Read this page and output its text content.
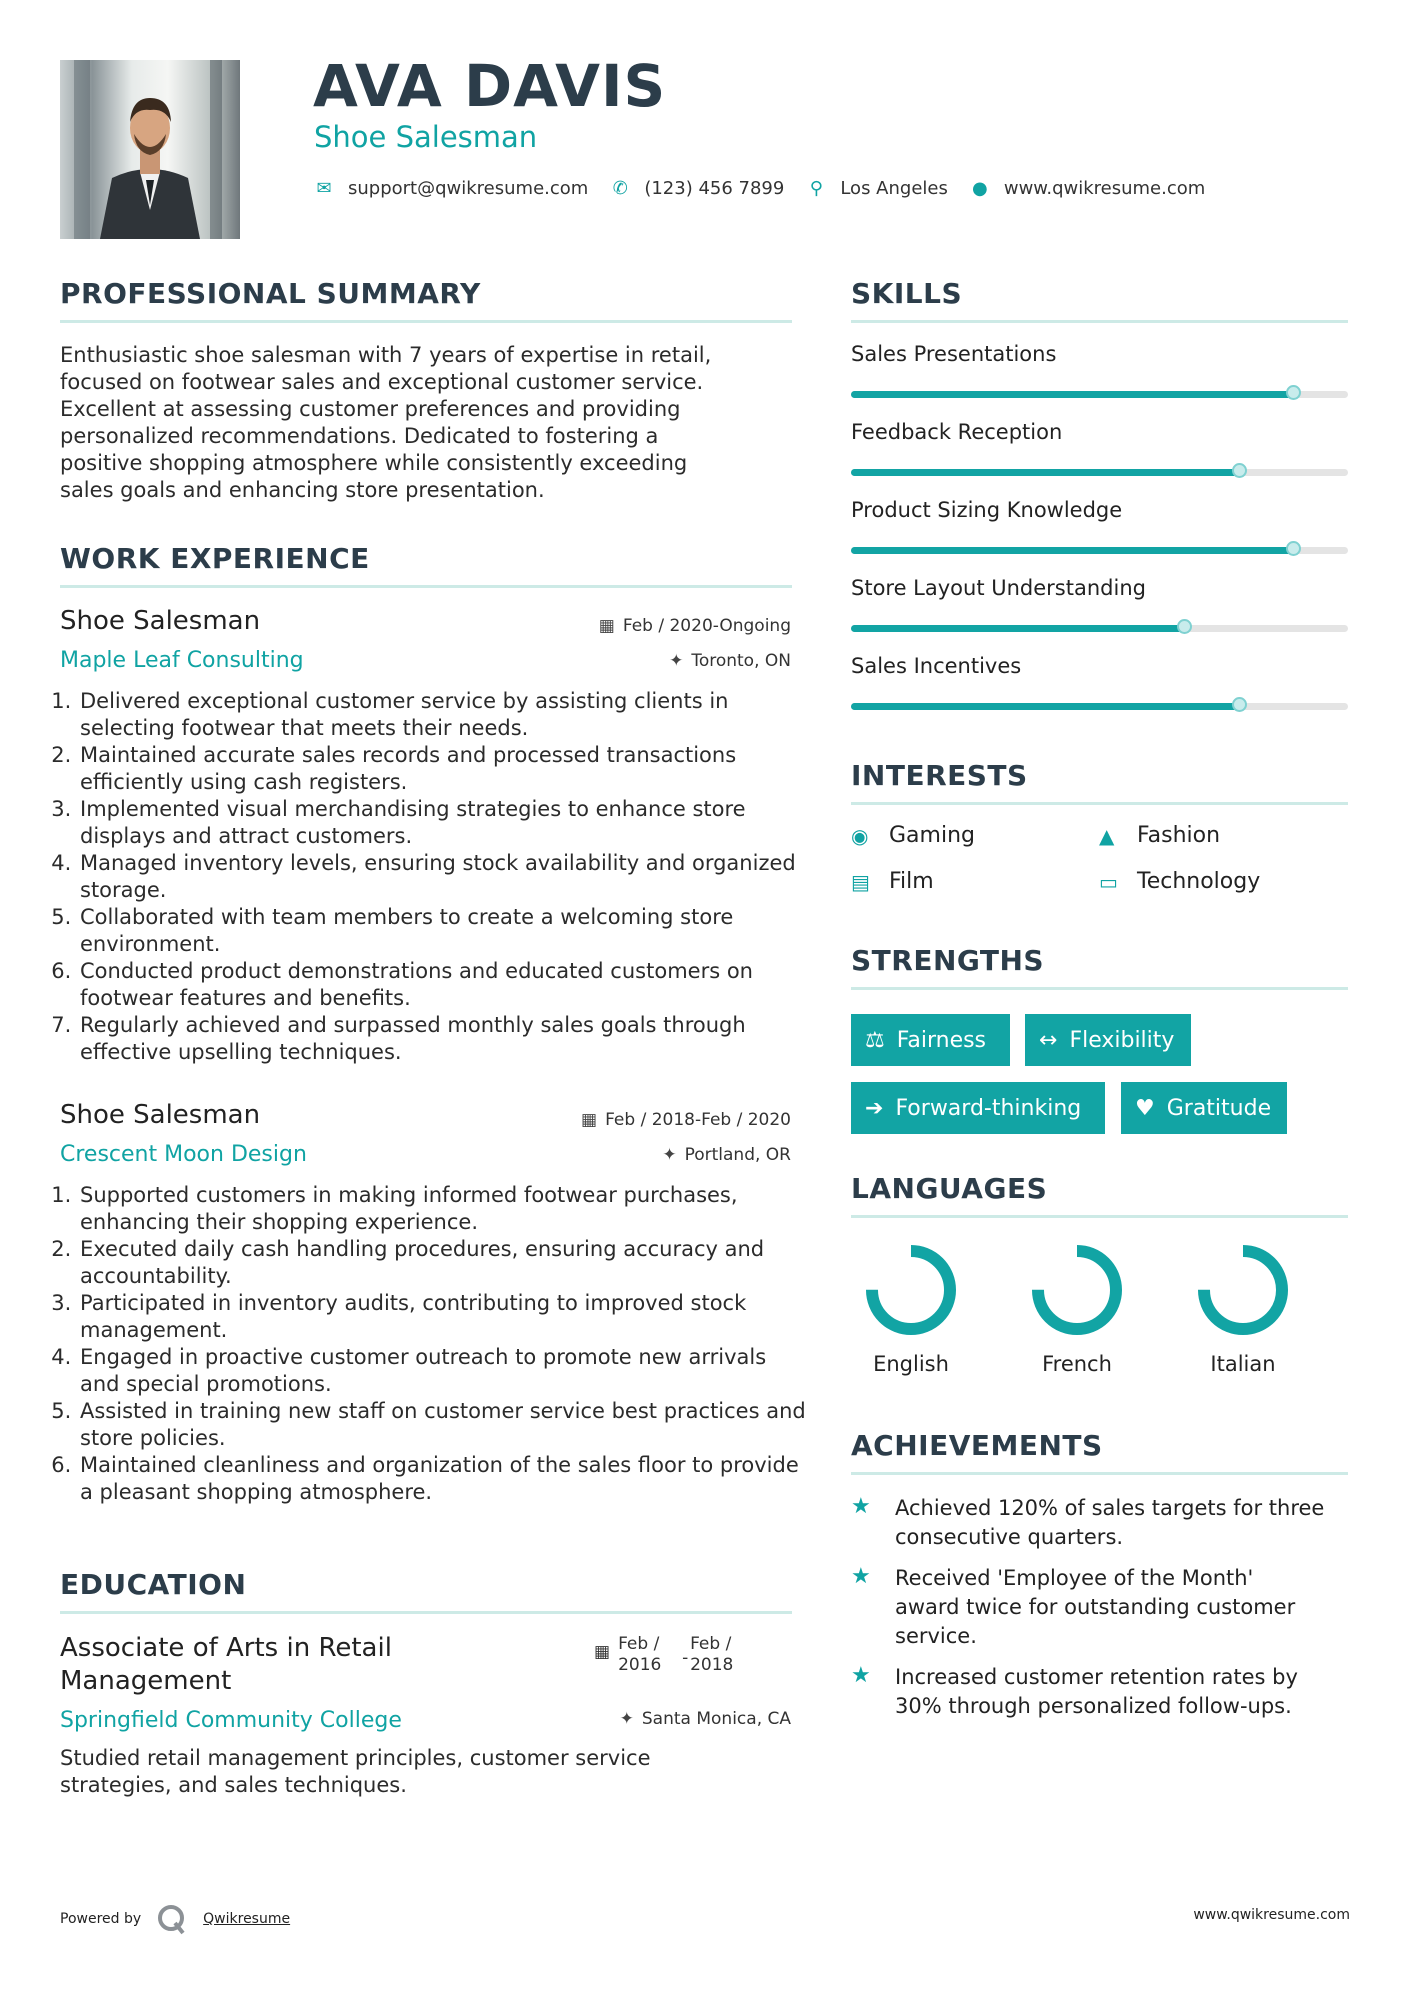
AVA DAVIS
Shoe Salesman
✉ support@qwikresume.com ✆ (123) 456 7899 ⚲ Los Angeles ● www.qwikresume.com
PROFESSIONAL SUMMARY
Enthusiastic shoe salesman with 7 years of expertise in retail,
focused on footwear sales and exceptional customer service.
Excellent at assessing customer preferences and providing
personalized recommendations. Dedicated to fostering a
positive shopping atmosphere while consistently exceeding
sales goals and enhancing store presentation.
WORK EXPERIENCE
Shoe Salesman	▦ Feb / 2020-Ongoing
Maple Leaf Consulting	✦ Toronto, ON
1. Delivered exceptional customer service by assisting clients in selecting footwear that meets their needs.
2. Maintained accurate sales records and processed transactions efficiently using cash registers.
3. Implemented visual merchandising strategies to enhance store displays and attract customers.
4. Managed inventory levels, ensuring stock availability and organized storage.
5. Collaborated with team members to create a welcoming store environment.
6. Conducted product demonstrations and educated customers on footwear features and benefits.
7. Regularly achieved and surpassed monthly sales goals through effective upselling techniques.
Shoe Salesman	▦ Feb / 2018-Feb / 2020
Crescent Moon Design	✦ Portland, OR
1. Supported customers in making informed footwear purchases, enhancing their shopping experience.
2. Executed daily cash handling procedures, ensuring accuracy and accountability.
3. Participated in inventory audits, contributing to improved stock management.
4. Engaged in proactive customer outreach to promote new arrivals and special promotions.
5. Assisted in training new staff on customer service best practices and store policies.
6. Maintained cleanliness and organization of the sales floor to provide a pleasant shopping atmosphere.
EDUCATION
Associate of Arts in Retail
Management
▦ Feb / 2016	-
Feb / 2018
Springfield Community College	✦ Santa Monica, CA
Studied retail management principles, customer service
strategies, and sales techniques.
SKILLS
Sales Presentations
Feedback Reception
Product Sizing Knowledge
Store Layout Understanding
Sales Incentives
INTERESTS
◉ Gaming	▲	Fashion
▤ Film	▭ Technology
STRENGTHS
⚖ Fairness ↔ Flexibility
➔ Forward-thinking ♥ Gratitude
LANGUAGES
English	French	Italian
ACHIEVEMENTS
★	Achieved 120% of sales targets for three
consecutive quarters.
★	Received 'Employee of the Month'
award twice for outstanding customer
service.
★	Increased customer retention rates by
30% through personalized follow-ups.
Powered by	Qwikresume	www.qwikresume.com
